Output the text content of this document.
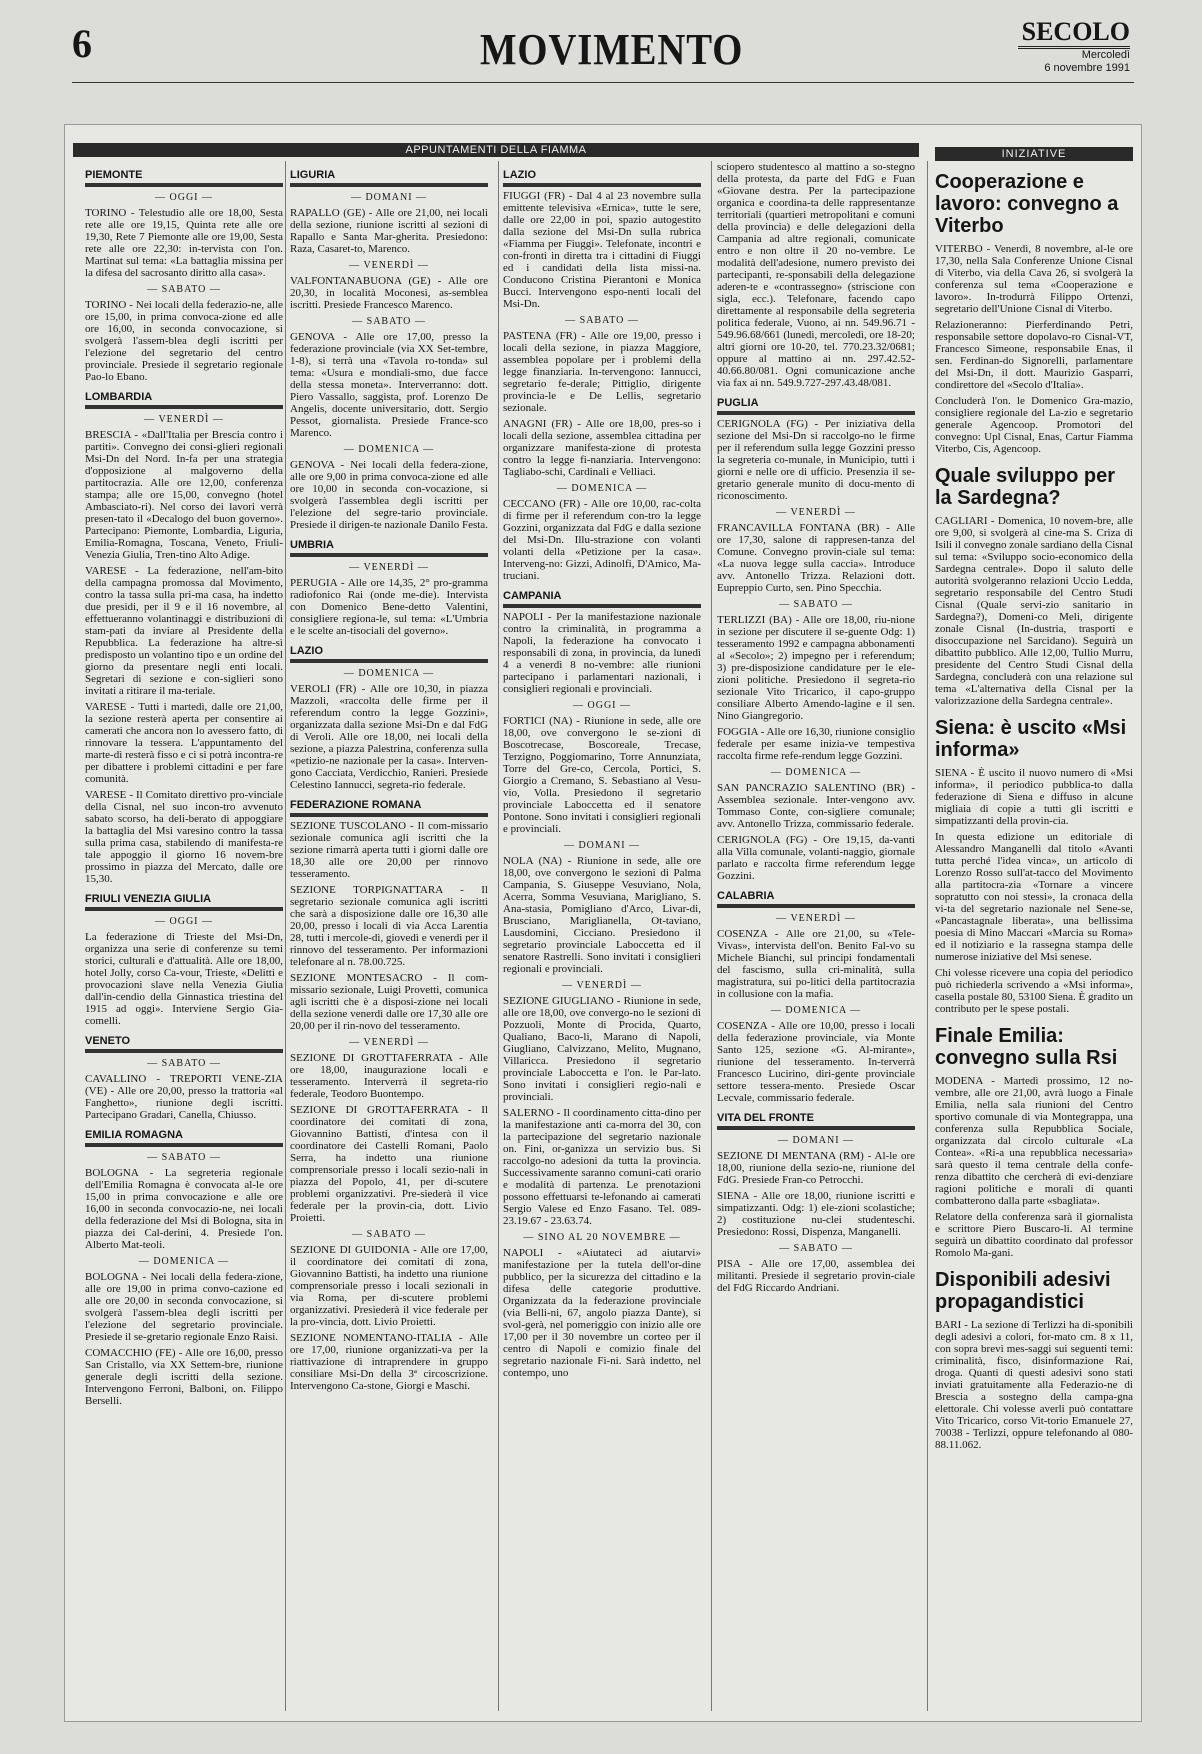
6	MOVIMENTO	SECOLO
Mercoledì
6 novembre 1991
APPUNTAMENTI DELLA FIAMMA	INIZIATIVE
PIEMONTE
— OGGI —

TORINO - Telestudio alle ore 18,00, Sesta rete alle ore 19,15, Quinta rete alle ore 19,30, Rete 7 Piemonte alle ore 19,00, Sesta rete alle ore 22,30: in-tervista con l'on. Martinat sul tema: «La battaglia missina per la difesa del sacrosanto diritto alla casa».

— SABATO —

TORINO - Nei locali della federazio-ne, alle ore 15,00, in prima convoca-zione ed alle ore 16,00, in seconda convocazione, si svolgerà l'assem-blea degli iscritti per l'elezione del segretario del centro provinciale. Presiede il segretario regionale Pao-lo Ebano.

LOMBARDIA
— VENERDÌ —

BRESCIA - «Dall'Italia per Brescia contro i partiti». Convegno dei consi-glieri regionali Msi-Dn del Nord. In-fa per una strategia d'opposizione al malgoverno della partitocrazia. Alle ore 12,00, conferenza stampa; alle ore 15,00, convegno (hotel Ambasciato-ri). Nel corso dei lavori verrà presen-tato il «Decalogo del buon governo». Partecipano: Piemonte, Lombardia, Liguria, Emilia-Romagna, Toscana, Veneto, Friuli-Venezia Giulia, Tren-tino Alto Adige.

VARESE - La federazione, nell'am-bito della campagna promossa dal Movimento, contro la tassa sulla pri-ma casa, ha indetto due presidi, per il 9 e il 16 novembre, al effettueranno volantinaggi e distribuzioni di stam-pati da inviare al Presidente della Repubblica. La federazione ha altre-sì predisposto un volantino tipo e un ordine del giorno da presentare negli enti locali. Segretari di sezione e con-siglieri sono invitati a ritirare il ma-teriale.

VARESE - Tutti i martedì, dalle ore 21,00, la sezione resterà aperta per consentire ai camerati che ancora non lo avessero fatto, di rinnovare la tessera. L'appuntamento del marte-dì resterà fisso e ci si potrà incontra-re per dibattere i problemi cittadini e per fare comunità.

VARESE - Il Comitato direttivo pro-vinciale della Cisnal, nel suo incon-tro avvenuto sabato scorso, ha deli-berato di appoggiare la battaglia del Msi varesino contro la tassa sulla prima casa, stabilendo di manifesta-re tale appoggio il giorno 16 novem-bre prossimo in piazza del Mercato, dalle ore 15,30.

FRIULI VENEZIA GIULIA
— OGGI —

La federazione di Trieste del Msi-Dn, organizza una serie di conferenze su temi storici, culturali e d'attualità. Alle ore 18,00, hotel Jolly, corso Ca-vour, Trieste, «Delitti e provocazioni slave nella Venezia Giulia dall'in-cendio della Ginnastica triestina del 1915 ad oggi». Interviene Sergio Gia-comelli.

VENETO
— SABATO —

CAVALLINO - TREPORTI VENE-ZIA (VE) - Alle ore 20,00, presso la trattoria «al Fanghetto», riunione degli iscritti. Partecipano Gradari, Canella, Chiusso.

EMILIA ROMAGNA
— SABATO —

BOLOGNA - La segreteria regionale dell'Emilia Romagna è convocata al-le ore 15,00 in prima convocazione e alle ore 16,00 in seconda convocazio-ne, nei locali della federazione del Msi di Bologna, sita in piazza dei Cal-derini, 4. Presiede l'on. Alberto Mat-teoli.

— DOMENICA —

BOLOGNA - Nei locali della federa-zione, alle ore 19,00 in prima convo-cazione ed alle ore 20,00 in seconda convocazione, si svolgerà l'assem-blea degli iscritti per l'elezione del segretario provinciale. Presiede il se-gretario regionale Enzo Raisi.

COMACCHIO (FE) - Alle ore 16,00, presso San Cristallo, via XX Settem-bre, riunione generale degli iscritti della sezione. Intervengono Ferroni, Balboni, on. Filippo Berselli.

LIGURIA
— DOMANI —

RAPALLO (GE) - Alle ore 21,00, nei locali della sezione, riunione iscritti al sezioni di Rapallo e Santa Mar-gherita. Presiedono: Raza, Casaret-to, Marenco.

— VENERDÌ —

VALFONTANABUONA (GE) - Alle ore 20,30, in località Moconesi, as-semblea iscritti. Presiede Francesco Marenco.

— SABATO —

GENOVA - Alle ore 17,00, presso la federazione provinciale (via XX Set-tembre, 1-8), si terrà una «Tavola ro-tonda» sul tema: «Usura e mondiali-smo, due facce della stessa moneta». Interverranno: dott. Piero Vassallo, saggista, prof. Lorenzo De Angelis, docente universitario, dott. Sergio Pessot, giornalista. Presiede France-sco Marenco.

— DOMENICA —

GENOVA - Nei locali della federa-zione, alle ore 9,00 in prima convoca-zione ed alle ore 10,00 in seconda con-vocazione, si svolgerà l'assemblea degli iscritti per l'elezione del segre-tario provinciale. Presiede il dirigen-te nazionale Danilo Festa.

UMBRIA
— VENERDÌ —

PERUGIA - Alle ore 14,35, 2° pro-gramma radiofonico Rai (onde me-die). Intervista con Domenico Bene-detto Valentini, consigliere regiona-le, sul tema: «L'Umbria e le scelte an-tisociali del governo».

LAZIO
— DOMENICA —

VEROLI (FR) - Alle ore 10,30, in piazza Mazzoli, «raccolta delle firme per il referendum contro la legge Gozzini», organizzata dalla sezione Msi-Dn e dal FdG di Veroli. Alle ore 18,00, nei locali della sezione, a piazza Palestrina, conferenza sulla «petizio-ne nazionale per la casa». Interven-gono Cacciata, Verdicchio, Ranieri. Presiede Celestino Iannucci, segreta-rio federale.

FEDERAZIONE ROMANA

SEZIONE TUSCOLANO - Il com-missario sezionale comunica agli iscritti che la sezione rimarrà aperta tutti i giorni dalle ore 18,30 alle ore 20,00 per rinnovo tesseramento.

SEZIONE TORPIGNATTARA - Il segretario sezionale comunica agli iscritti che sarà a disposizione dalle ore 16,30 alle 20,00, presso i locali di via Acca Larentia 28, tutti i mercole-dì, giovedì e venerdì per il rinnovo del tesseramento. Per informazioni telefonare al n. 78.00.725.

SEZIONE MONTESACRO - Il com-missario sezionale, Luigi Provetti, comunica agli iscritti che è a disposi-zione nei locali della sezione venerdì dalle ore 17,30 alle ore 20,00 per il rin-novo del tesseramento.

— VENERDÌ —

SEZIONE DI GROTTAFERRATA - Alle ore 18,00, inaugurazione locali e tesseramento. Interverrà il segreta-rio federale, Teodoro Buontempo.

SEZIONE DI GROTTAFERRATA - Il coordinatore dei comitati di zona, Giovannino Battisti, d'intesa con il coordinatore dei Castelli Romani, Paolo Serra, ha indetto una riunione comprensoriale presso i locali sezio-nali in piazza del Popolo, 41, per di-scutere problemi organizzativi. Pre-siederà il vice federale per la provin-cia, dott. Livio Proietti.

— SABATO —

SEZIONE DI GUIDONIA - Alle ore 17,00, il coordinatore dei comitati di zona, Giovannino Battisti, ha indetto una riunione comprensoriale presso i locali sezionali in via Roma, per di-scutere problemi organizzativi. Presiederà il vice federale per la pro-vincia, dott. Livio Proietti.

SEZIONE NOMENTANO-ITALIA - Alle ore 17,00, riunione organizzati-va per la riattivazione di intraprendere in gruppo consiliare Msi-Dn della 3ª circoscrizione. Intervengono Ca-stone, Giorgi e Maschi.

LAZIO

FIUGGI (FR) - Dal 4 al 23 novembre sulla emittente televisiva «Ernica», tutte le sere, dalle ore 22,00 in poi, spazio autogestito dalla sezione del Msi-Dn sulla rubrica «Fiamma per Fiuggi». Telefonate, incontri e con-fronti in diretta tra i cittadini di Fiuggi ed i candidati della lista missi-na. Conducono Cristina Pierantoni e Monica Bucci. Intervengono espo-nenti locali del Msi-Dn.

— SABATO —

PASTENA (FR) - Alle ore 19,00, presso i locali della sezione, in piazza Maggiore, assemblea popolare per i problemi della legge finanziaria. In-tervengono: Iannucci, segretario fe-derale; Pittiglio, dirigente provincia-le e De Lellis, segretario sezionale.

ANAGNI (FR) - Alle ore 18,00, pres-so i locali della sezione, assemblea cittadina per organizzare manifesta-zione di protesta contro la legge fi-nanziaria. Intervengono: Tagliabo-schi, Cardinali e Velliaci.

— DOMENICA —

CECCANO (FR) - Alle ore 10,00, rac-colta di firme per il referendum con-tro la legge Gozzini, organizzata dal FdG e dalla sezione del Msi-Dn. Illu-strazione con volanti volanti della «Petizione per la casa». Interveng-no: Gizzi, Adinolfi, D'Amico, Ma-truciani.

CAMPANIA

NAPOLI - Per la manifestazione nazionale contro la criminalità, in programma a Napoli, la federazione ha convocato i responsabili di zona, in provincia, da lunedì 4 a venerdì 8 no-vembre: alle riunioni partecipano i parlamentari nazionali, i consiglieri regionali e provinciali.

— OGGI —

FORTICI (NA) - Riunione in sede, alle ore 18,00, ove convergono le se-zioni di Boscotrecase, Boscoreale, Trecase, Terzigno, Poggiomarino, Torre Annunziata, Torre del Gre-co, Cercola, Portici, S. Giorgio a Cremano, S. Sebastiano al Vesu-vio, Volla. Presiedono il segretario provinciale Laboccetta ed il senatore Pontone. Sono invitati i consiglieri regionali e provinciali.

— DOMANI —

NOLA (NA) - Riunione in sede, alle ore 18,00, ove convergono le sezioni di Palma Campania, S. Giuseppe Vesuviano, Nola, Acerra, Somma Vesuviana, Marigliano, S. Ana-stasia, Pomigliano d'Arco, Livar-di, Brusciano, Mariglianella, Ot-taviano, Lausdomini, Cicciano. Presiedono il segretario provinciale Laboccetta ed il senatore Rastrelli. Sono invitati i consiglieri regionali e provinciali.

— VENERDÌ —

SEZIONE GIUGLIANO - Riunione in sede, alle ore 18,00, ove convergo-no le sezioni di Pozzuoli, Monte di Procida, Quarto, Qualiano, Baco-li, Marano di Napoli, Giugliano, Calvizzano, Melito, Mugnano, Villaricca. Presiedono il segretario provinciale Laboccetta e l'on. le Par-lato. Sono invitati i consiglieri regio-nali e provinciali.

SALERNO - Il coordinamento citta-dino per la manifestazione anti ca-morra del 30, con la partecipazione del segretario nazionale on. Fini, or-ganizza un servizio bus. Si raccolgo-no adesioni da tutta la provincia. Successivamente saranno comuni-cati orario e modalità di partenza. Le prenotazioni possono effettuarsi te-lefonando ai camerati Sergio Valese ed Enzo Fasano. Tel. 089-23.19.67 - 23.63.74.

— SINO AL 20 NOVEMBRE —

NAPOLI - «Aiutateci ad aiutarvi» manifestazione per la tutela dell'or-dine pubblico, per la sicurezza del cittadino e la difesa delle categorie produttive. Organizzata da la federazione provinciale (via Belli-ni, 67, angolo piazza Dante), si svol-gerà, nel pomeriggio con inizio alle ore 17,00 per il 30 novembre un corteo per il centro di Napoli e comizio finale del segretario nazionale Fi-ni. Sarà indetto, nel contempo, uno

sciopero studentesco al mattino a so-stegno della protesta, da parte del FdG e Fuan «Giovane destra. Per la partecipazione organica e coordina-ta delle rappresentanze territoriali (quartieri metropolitani e comuni della provincia) e delle delegazioni della Campania ad altre regionali, comunicate entro e non oltre il 20 no-vembre. Le modalità dell'adesione, numero previsto dei partecipanti, re-sponsabili della delegazione aderen-te e «contrassegno» (striscione con sigla, ecc.). Telefonare, facendo capo direttamente al responsabile della segreteria politica federale, Vuono, ai nn. 549.96.71 - 549.96.68/661 (lunedì, mercoledì, ore 18-20; altri giorni ore 10-20, tel. 770.23.32/0681; oppure al mattino ai nn. 297.42.52-40.66.80/081. Ogni comunicazione anche via fax ai nn. 549.9.727-297.43.48/081.

PUGLIA

CERIGNOLA (FG) - Per iniziativa della sezione del Msi-Dn si raccolgo-no le firme per il referendum sulla legge Gozzini presso la segreteria co-munale, in Municipio, tutti i giorni e nelle ore di ufficio. Presenzia il se-gretario generale munito di docu-mento di riconoscimento.

— VENERDÌ —

FRANCAVILLA FONTANA (BR) - Alle ore 17,30, salone di rappresen-tanza del Comune. Convegno provin-ciale sul tema: «La nuova legge sulla caccia». Introduce avv. Antonello Trizza. Relazioni dott. Eupreppio Curto, sen. Pino Specchia.

— SABATO —

TERLIZZI (BA) - Alle ore 18,00, riu-nione in sezione per discutere il se-guente Odg: 1) tesseramento 1992 e campagna abbonamenti al «Secolo»; 2) impegno per i referendum; 3) pre-disposizione candidature per le ele-zioni politiche. Presiedono il segreta-rio sezionale Vito Tricarico, il capo-gruppo consiliare Alberto Amendo-lagine e il sen. Nino Giangregorio.

FOGGIA - Alle ore 16,30, riunione consiglio federale per esame inizia-ve tempestiva raccolta firme refe-rendum legge Gozzini.

— DOMENICA —

SAN PANCRAZIO SALENTINO (BR) - Assemblea sezionale. Inter-vengono avv. Tommaso Conte, con-sigliere comunale; avv. Antonello Trizza, commissario federale.

CERIGNOLA (FG) - Ore 19,15, da-vanti alla Villa comunale, volanti-naggio, giornale parlato e raccolta firme referendum legge Gozzini.

CALABRIA
— VENERDÌ —

COSENZA - Alle ore 21,00, su «Tele-Vivas», intervista dell'on. Benito Fal-vo su Michele Bianchi, sul principi fondamentali del fascismo, sulla cri-minalità, sulla magistratura, sui po-litici della partitocrazia in collusione con la mafia.

— DOMENICA —

COSENZA - Alle ore 10,00, presso i locali della federazione provinciale, via Monte Santo 125, sezione «G. Al-mirante», riunione del tesseramento. In-terverrà Francesco Lucirino, diri-gente provinciale settore tessera-mento. Presiede Oscar Lecvale, commissario federale.

VITA DEL FRONTE
— DOMANI —

SEZIONE DI MENTANA (RM) - Al-le ore 18,00, riunione della sezio-ne, riunione del FdG. Presiede Fran-co Petrocchi.

SIENA - Alle ore 18,00, riunione iscritti e simpatizzanti. Odg: 1) ele-zioni scolastiche; 2) costituzione nu-clei studenteschi. Presiedono: Rossi, Dispenza, Manganelli.

— SABATO —

PISA - Alle ore 17,00, assemblea dei militanti. Presiede il segretario provin-ciale del FdG Riccardo Andriani.

Cooperazione e lavoro: convegno a Viterbo

VITERBO - Venerdì, 8 novembre, al-le ore 17,30, nella Sala Conferenze Unione Cisnal di Viterbo, via della Cava 26, si svolgerà la conferenza sul tema «Cooperazione e lavoro». In-trodurrà Filippo Ortenzi, segretario dell'Unione Cisnal di Viterbo.

Relazioneranno: Pierferdinando Petri, responsabile settore dopolavo-ro Cisnal-VT, Francesco Simeone, responsabile Enas, il sen. Ferdinan-do Signorelli, parlamentare del Msi-Dn, il dott. Maurizio Gasparri, condirettore del «Secolo d'Italia».

Concluderà l'on. le Domenico Gra-mazio, consigliere regionale del La-zio e segretario generale Agencoop. Promotori del convegno: Upl Cisnal, Enas, Cartur Fiamma Viterbo, Cis, Agencoop.

Quale sviluppo per la Sardegna?

CAGLIARI - Domenica, 10 novem-bre, alle ore 9,00, si svolgerà al cine-ma S. Criza di Isili il convegno zonale sardiano della Cisnal sul tema: «Sviluppo socio-economico della Sardegna centrale». Dopo il saluto delle autorità svolgeranno relazioni Uccio Ledda, segretario responsabile del Centro Studi Cisnal (Quale servi-zio sanitario in Sardegna?), Domeni-co Meli, dirigente zonale Cisnal (In-dustria, trasporti e disoccupazione nel Sarcidano). Seguirà un dibattito pubblico. Alle 12,00, Tullio Murru, presidente del Centro Studi Cisnal della Sardegna, concluderà con una relazione sul tema «L'alternativa della Cisnal per la valorizzazione della Sardegna centrale».

Siena: è uscito «Msi informa»

SIENA - È uscito il nuovo numero di «Msi informa», il periodico pubblica-to dalla federazione di Siena e diffuso in alcune migliaia di copie a tutti gli iscritti e simpatizzanti della provin-cia.

In questa edizione un editoriale di Alessandro Manganelli dal titolo «Avanti tutta perché l'idea vinca», un articolo di Lorenzo Rosso sull'at-tacco del Movimento alla partitocra-zia «Tornare a vincere sopratutto con noi stessi», la cronaca della vi-ta del segretario nazionale nel Sene-se, «Pancastagnale liberata», una bellissima poesia di Mino Maccari «Marcia su Roma» ed il notiziario e la rassegna stampa delle numerose iniziative del Msi senese.

Chi volesse ricevere una copia del periodico può richiederla scrivendo a «Msi informa», casella postale 80, 53100 Siena. È gradito un contributo per le spese postali.

Finale Emilia: convegno sulla Rsi

MODENA - Martedì prossimo, 12 no-vembre, alle ore 21,00, avrà luogo a Finale Emilia, nella sala riunioni del Centro sportivo comunale di via Montegrappa, una conferenza sulla Repubblica Sociale, organizzata dal circolo culturale «La Contea». «Ri-a una repubblica necessaria» sarà questo il tema centrale della confe-renza dibattito che cercherà di evi-denziare ragioni politiche e morali di quanti combatterono dalla parte «sbagliata».

Relatore della conferenza sarà il giornalista e scrittore Piero Buscaro-li. Al termine seguirà un dibattito coordinato dal professor Romolo Ma-gani.

Disponibili adesivi propagandistici

BARI - La sezione di Terlizzi ha di-sponibili degli adesivi a colori, for-mato cm. 8 x 11, con sopra brevi mes-saggi sui seguenti temi: criminalità, fisco, disinformazione Rai, droga. Quanti di questi adesivi sono stati inviati gratuitamente alla Federazio-ne di Brescia a sostegno della campa-gna elettorale. Chi volesse averli può contattare Vito Tricarico, corso Vit-torio Emanuele 27, 70038 - Terlizzi, oppure telefonando al 080-88.11.062.
